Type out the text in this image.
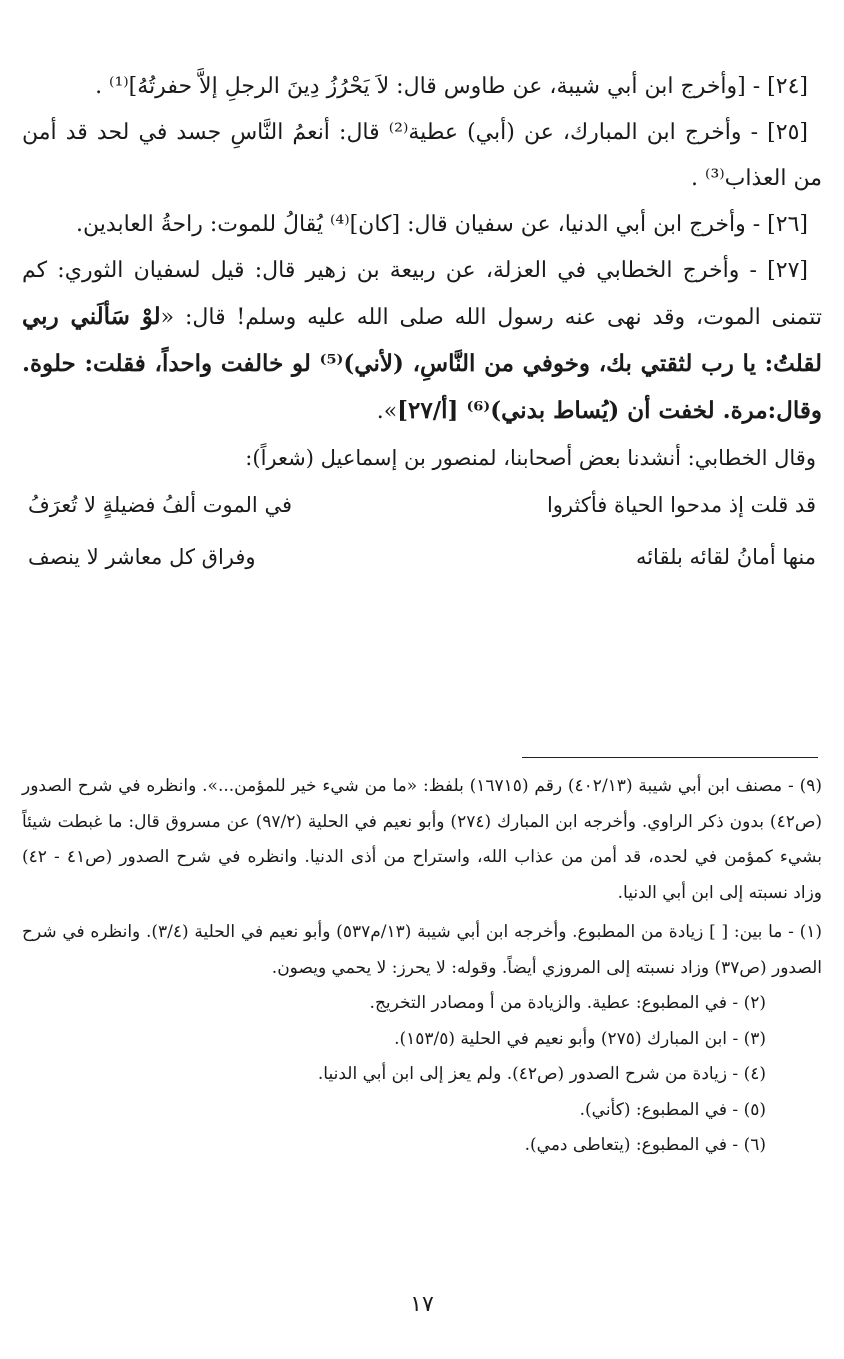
[٢٤] - [وأخرج ابن أبي شيبة، عن طاوس قال: لاَ يَحْرُزُ دِينَ الرجلِ إلاَّ حفرتُهُ]⁽¹⁾ .

[٢٥] - وأخرج ابن المبارك، عن (أبي) عطية⁽²⁾ قال: أنعمُ النَّاسِ جسد في لحد قد أمن من العذاب⁽³⁾ .

[٢٦] - وأخرج ابن أبي الدنيا، عن سفيان قال: [كان]⁽⁴⁾ يُقالُ للموت: راحةُ العابدين.

[٢٧] - وأخرج الخطابي في العزلة، عن ربيعة بن زهير قال: قيل لسفيان الثوري: كم تتمنى الموت، وقد نهى عنه رسول الله صلى الله عليه وسلم! قال: «لوْ سَألَني ربي لقلتُ: يا رب لثقتي بك، وخوفي من النَّاسِ، (لأني)⁽⁵⁾ لو خالفت واحداً، فقلت: حلوة. وقال:مرة. لخفت أن (يُساط بدني)⁽⁶⁾ [أ/٢٧]».

وقال الخطابي: أنشدنا بعض أصحابنا، لمنصور بن إسماعيل (شعراً):

قد قلت إذ مدحوا الحياة فأكثروا
في الموت ألفُ فضيلةٍ لا تُعرَفُ
منها أمانُ لقائه بلقائه
وفراق كل معاشر لا ينصف

(٩) - مصنف ابن أبي شيبة (٤٠٢/١٣) رقم (١٦٧١٥) بلفظ: «ما من شيء خير للمؤمن...». وانظره في شرح الصدور (ص٤٢) بدون ذكر الراوي. وأخرجه ابن المبارك (٢٧٤) وأبو نعيم في الحلية (٩٧/٢) عن مسروق قال: ما غبطت شيئاً بشيء كمؤمن في لحده، قد أمن من عذاب الله، واستراح من أذى الدنيا. وانظره في شرح الصدور (ص٤١ - ٤٢) وزاد نسبته إلى ابن أبي الدنيا.

(١) - ما بين: [ ] زيادة من المطبوع. وأخرجه ابن أبي شيبة (١٣/م٥٣٧) وأبو نعيم في الحلية (٣/٤). وانظره في شرح الصدور (ص٣٧) وزاد نسبته إلى المروزي أيضاً. وقوله: لا يحرز: لا يحمي ويصون.

(٢) - في المطبوع: عطية. والزيادة من أ ومصادر التخريج.

(٣) - ابن المبارك (٢٧٥) وأبو نعيم في الحلية (١٥٣/٥).

(٤) - زيادة من شرح الصدور (ص٤٢). ولم يعز إلى ابن أبي الدنيا.

(٥) - في المطبوع: (كأني).

(٦) - في المطبوع: (يتعاطى دمي).

١٧
